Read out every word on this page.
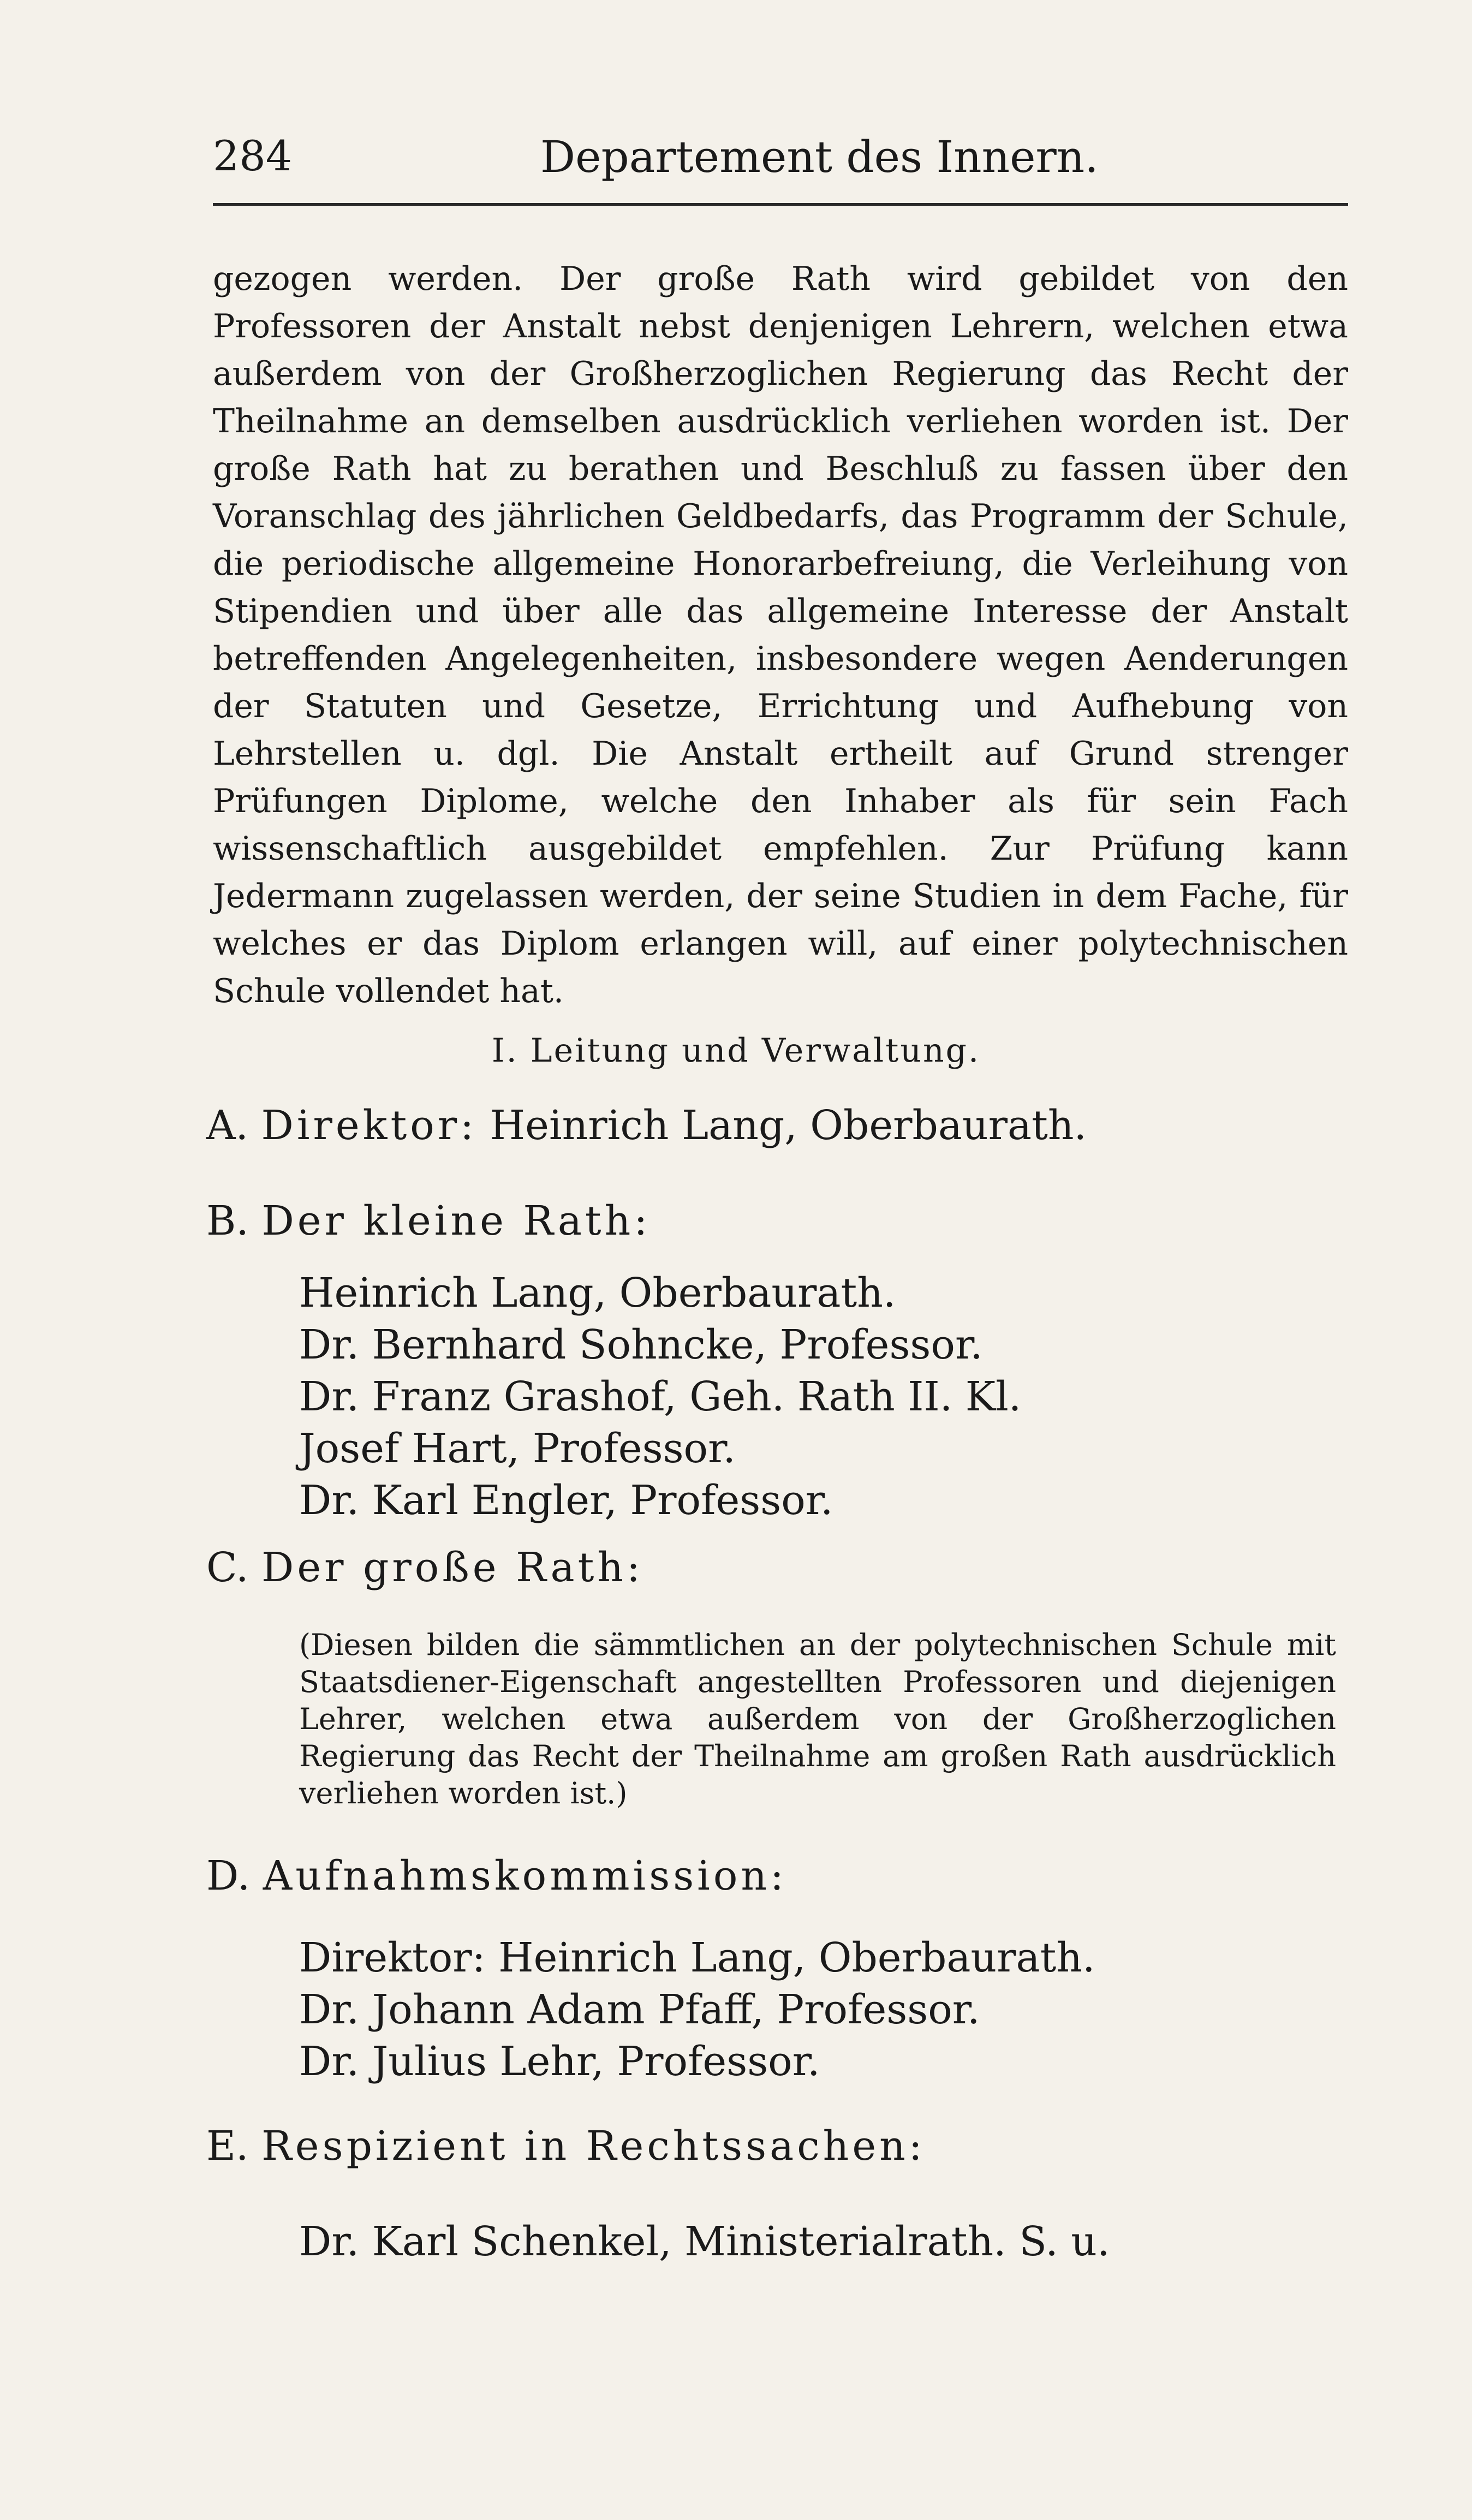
284	Departement des Innern.

gezogen werden. Der große Rath wird gebildet von den Professoren der Anstalt nebst denjenigen Lehrern, welchen etwa außerdem von der Großherzoglichen Regierung das Recht der Theilnahme an demselben ausdrücklich verliehen worden ist. Der große Rath hat zu berathen und Beschluß zu fassen über den Voranschlag des jährlichen Geldbedarfs, das Programm der Schule, die periodische allgemeine Honorarbefreiung, die Verleihung von Stipendien und über alle das allgemeine Interesse der Anstalt betreffenden Angelegenheiten, insbesondere wegen Aenderungen der Statuten und Gesetze, Errichtung und Aufhebung von Lehrstellen u. dgl. Die Anstalt ertheilt auf Grund strenger Prüfungen Diplome, welche den Inhaber als für sein Fach wissenschaftlich ausgebildet empfehlen. Zur Prüfung kann Jedermann zugelassen werden, der seine Studien in dem Fache, für welches er das Diplom erlangen will, auf einer polytechnischen Schule vollendet hat.

I. Leitung und Verwaltung.
A. Direktor: Heinrich Lang, Oberbaurath.
B. Der kleine Rath:
Heinrich Lang, Oberbaurath.
Dr. Bernhard Sohncke, Professor.
Dr. Franz Grashof, Geh. Rath II. Kl.
Josef Hart, Professor.
Dr. Karl Engler, Professor.
C. Der große Rath:

(Diesen bilden die sämmtlichen an der polytechnischen Schule mit Staatsdiener-Eigenschaft angestellten Professoren und diejenigen Lehrer, welchen etwa außerdem von der Großherzoglichen Regierung das Recht der Theilnahme am großen Rath ausdrücklich verliehen worden ist.)

D. Aufnahmskommission:
Direktor: Heinrich Lang, Oberbaurath.
Dr. Johann Adam Pfaff, Professor.
Dr. Julius Lehr, Professor.
E. Respizient in Rechtssachen:
Dr. Karl Schenkel, Ministerialrath. S. u.
